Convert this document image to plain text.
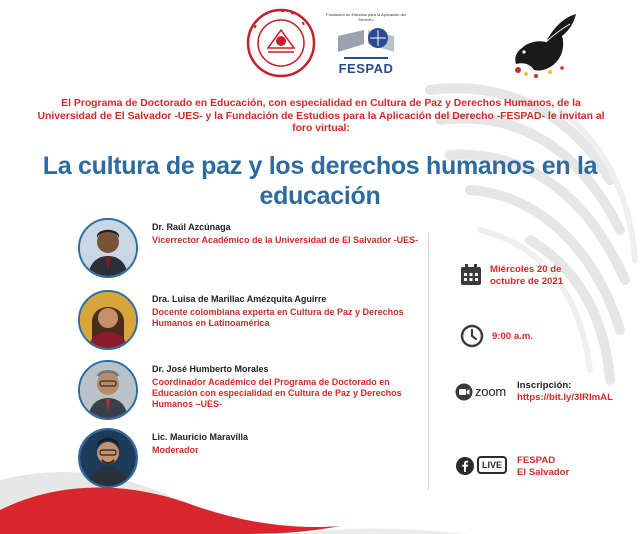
Fundación de Estudios para la Aplicación del Derecho
FESPAD
El Programa de Doctorado en Educación, con especialidad en Cultura de Paz y Derechos Humanos, de la Universidad de El Salvador -UES- y la Fundación de Estudios para la Aplicación del Derecho -FESPAD- le invitan al foro virtual:
La cultura de paz y los derechos humanos en la educación
Dr. Raúl Azcúnaga
Vicerrector Académico de la Universidad de El Salvador -UES-
Dra. Luisa de Marillac Amézquita Aguirre
Docente colombiana experta en Cultura de Paz y Derechos Humanos en Latinoamérica
Dr. José Humberto Morales
Coordinador Académico del Programa de Doctorado en Educación con especialidad en Cultura de Paz y Derechos Humanos –UES-
Lic. Mauricio Maravilla
Moderador
Miércoles 20 de octubre de 2021
9:00 a.m.
zoom Inscripción:
https://bit.ly/3IRImAL
LIVE	FESPAD
El Salvador
